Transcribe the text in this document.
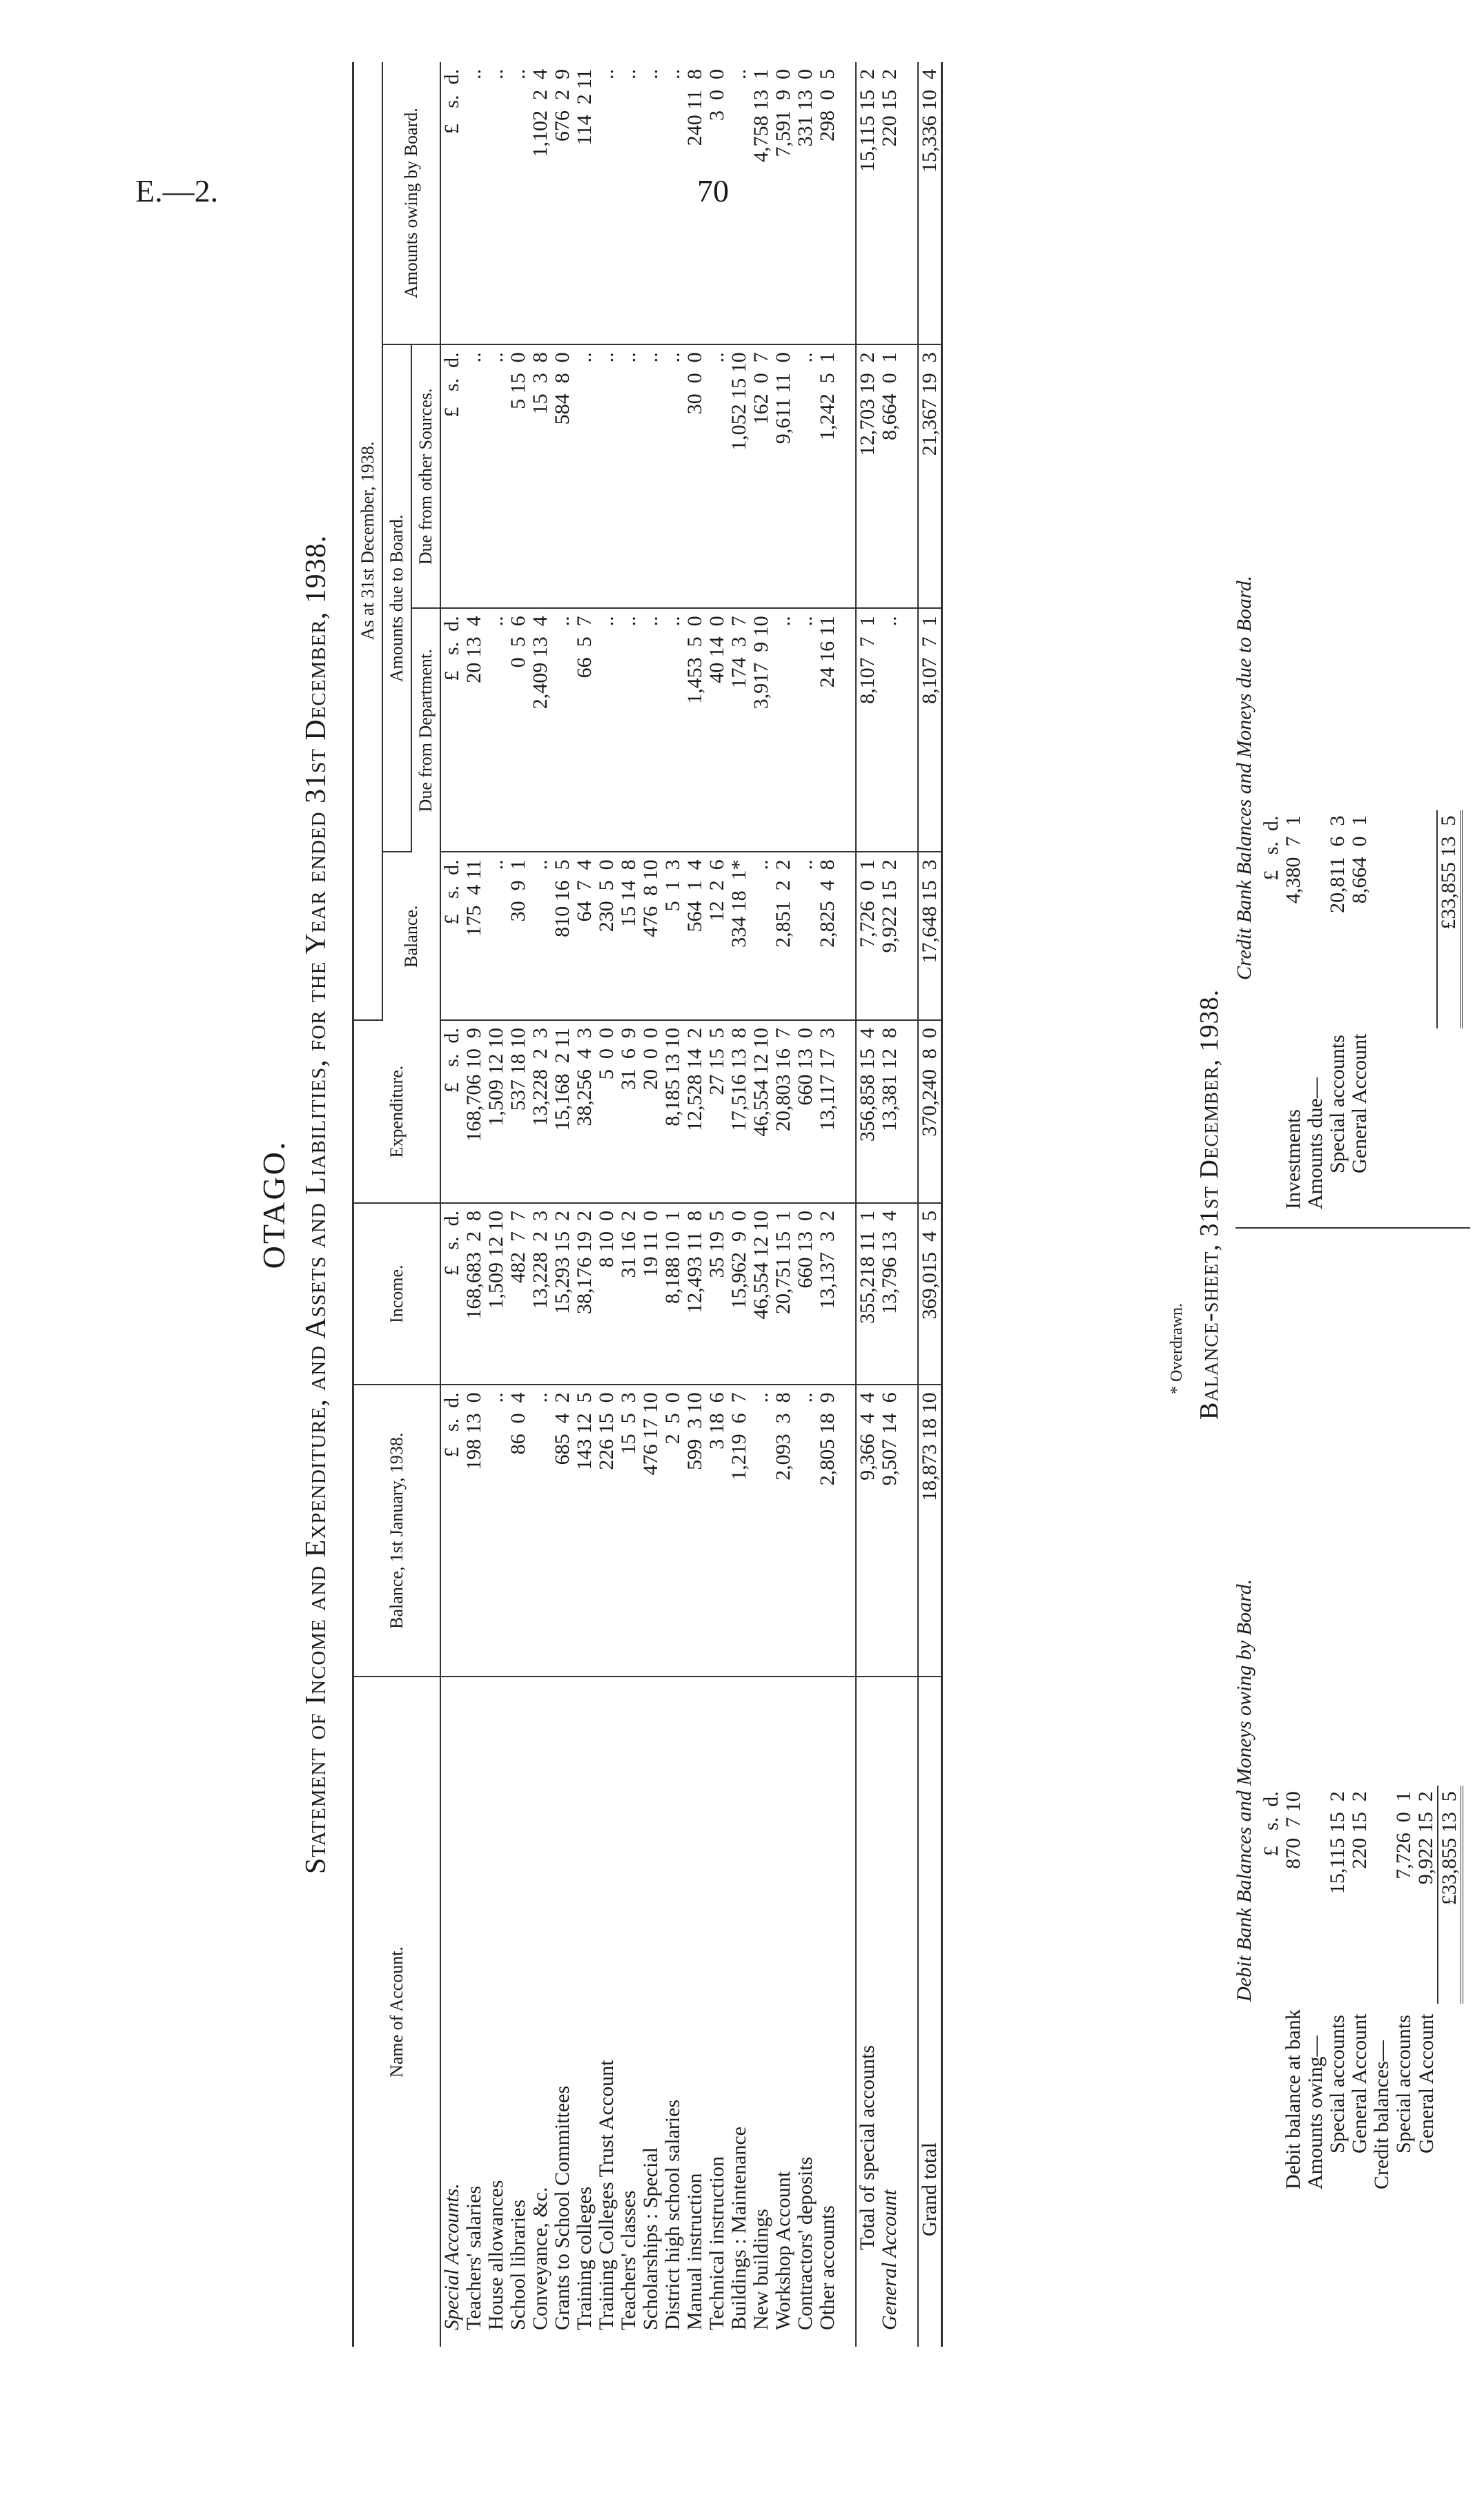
E.—2.	70
OTAGO. Statement of Income and Expenditure, and Assets and Liabilities, for the Year ended 31st December, 1938.
Name of Account.	Balance, 1st January, 1938.	Income.	Expenditure.	As at 31st December, 1938.			
				Balance.	Amounts due to Board.		Amounts owing by Board.
					Due from Department.	Due from other Sources.	
Special Accounts.	£   s.  d.	£   s.  d.	£   s.  d.	£   s.  d.	£   s.  d.	£   s.  d.	£   s.  d.
Teachers' salaries	198 13  0	168,683  2  8	168,706 10  9	175  4 11	20 13  4	..	..
House allowances	..	1,509 12 10	1,509 12 10	..	..	..	..
School libraries	86  0  4	482  7  7	537 18 10	30  9  1	0  5  6	5 15  0	..
Conveyance, &c.	..	13,228  2  3	13,228  2  3	..	2,409 13  4	15  3  8	1,102  2  4
Grants to School Committees	685  4  2	15,293 15  2	15,168  2 11	810 16  5	..	584  8  0	676  2  9
Training colleges	143 12  5	38,176 19  2	38,256  4  3	64  7  4	66  5  7	..	114  2 11
Training Colleges Trust Account	226 15  0	8 10  0	5  0  0	230  5  0	..	..	..
Teachers' classes	15  5  3	31 16  2	31  6  9	15 14  8	..	..	..
Scholarships : Special	476 17 10	19 11  0	20  0  0	476  8 10	..	..	..
District high school salaries	2  5  0	8,188 10  1	8,185 13 10	5  1  3	..	..	..
Manual instruction	599  3 10	12,493 11  8	12,528 14  2	564  1  4	1,453  5  0	30  0  0	240 11  8
Technical instruction	3 18  6	35 19  5	27 15  5	12  2  6	40 14  0	..	3  0  0
Buildings : Maintenance	1,219  6  7	15,962  9  0	17,516 13  8	334 18  1*	174  3  7	1,052 15 10	..
New buildings	..	46,554 12 10	46,554 12 10	..	3,917  9 10	162  0  7	4,758 13  1
Workshop Account	2,093  3  8	20,751 15  1	20,803 16  7	2,851  2  2	..	9,611 11  0	7,591  9  0
Contractors' deposits	..	660 13  0	660 13  0	..	..	..	331 13  0
Other accounts	2,805 18  9	13,137  3  2	13,117 17  3	2,825  4  8	24 16 11	1,242  5  1	298  0  5

Total of special accounts	9,366  4  4	355,218 11  1	356,858 15  4	7,726  0  1	8,107  7  1	12,703 19  2	15,115 15  2
General Account	9,507 14  6	13,796 13  4	13,381 12  8	9,922 15  2	..	8,664  0  1	220 15  2

Grand total	18,873 18 10	369,015  4  5	370,240  8  0	17,648 15  3	8,107  7  1	21,367 19  3	15,336 10  4
* Overdrawn. Balance-sheet, 31st December, 1938.
Debit Bank Balances and Moneys owing by Board.
Credit Bank Balances and Moneys due to Board.
	£   s.  d.
Debit balance at bank	870  7 10
Amounts owing—	
Special accounts	15,115 15  2
General Account	220 15  2
Credit balances—	
Special accounts	7,726  0  1
General Account	9,922 15  2
	£33,855 13  5
	£   s.  d.
Investments	4,380  7  1
Amounts due—	
Special accounts	20,811  6  3
General Account	8,664  0  1

	£33,855 13  5
